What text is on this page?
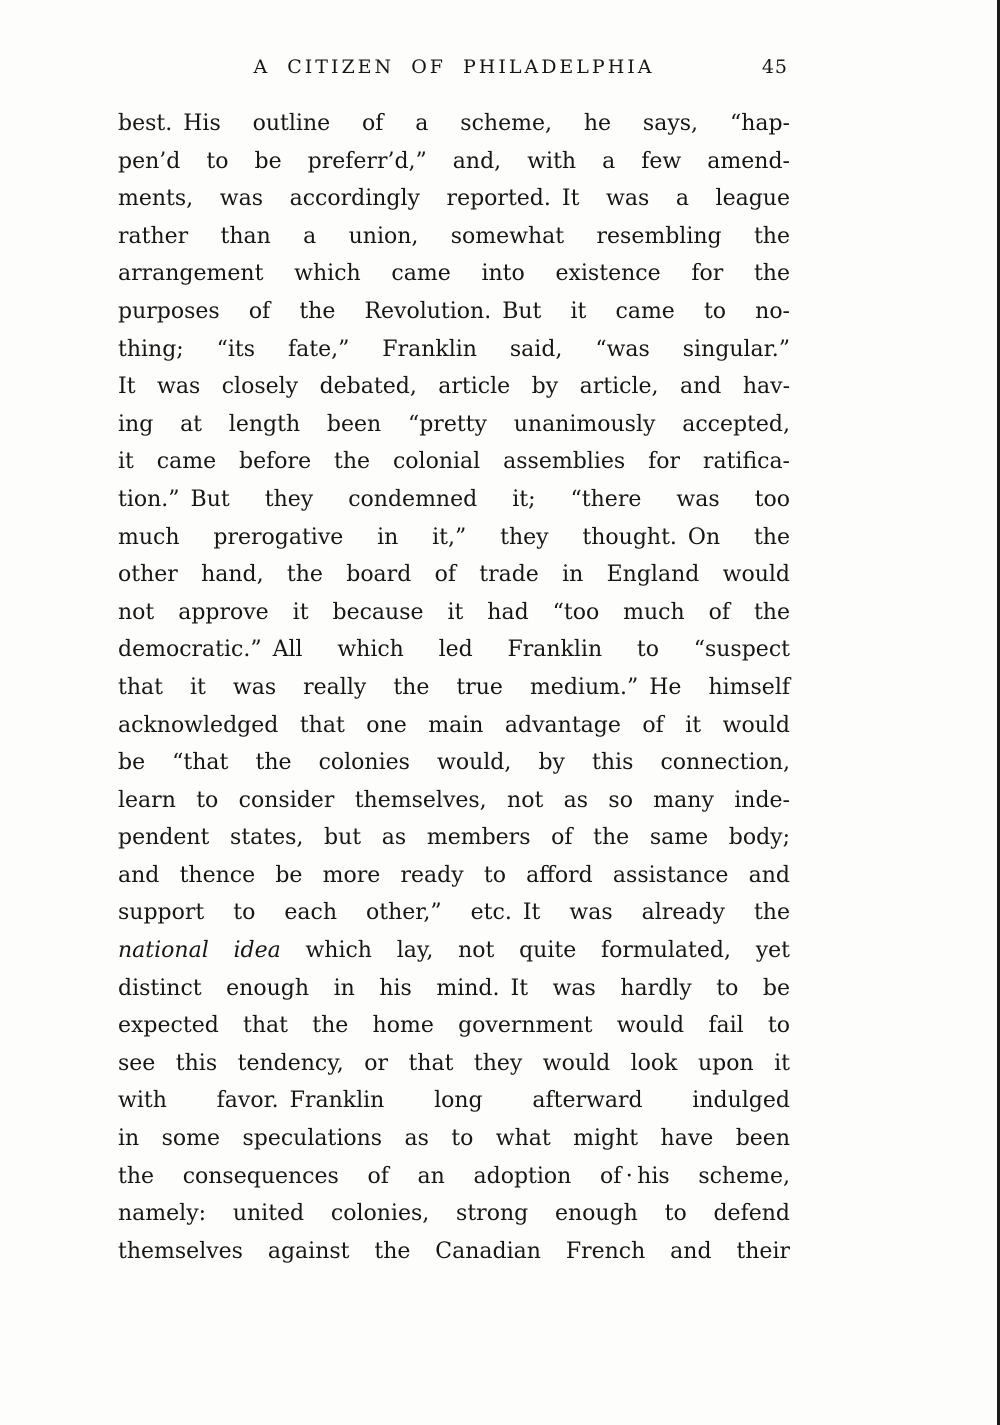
A CITIZEN OF PHILADELPHIA	45
best. His outline of a scheme, he says, “hap-
pen’d to be preferr’d,” and, with a few amend-
ments, was accordingly reported. It was a league
rather than a union, somewhat resembling the
arrangement which came into existence for the
purposes of the Revolution. But it came to no-
thing; “its fate,” Franklin said, “was singular.”
It was closely debated, article by article, and hav-
ing at length been “pretty unanimously accepted,
it came before the colonial assemblies for ratifica-
tion.” But they condemned it; “there was too
much prerogative in it,” they thought. On the
other hand, the board of trade in England would
not approve it because it had “too much of the
democratic.” All which led Franklin to “suspect
that it was really the true medium.” He himself
acknowledged that one main advantage of it would
be “that the colonies would, by this connection,
learn to consider themselves, not as so many inde-
pendent states, but as members of the same body;
and thence be more ready to afford assistance and
support to each other,” etc. It was already the
national idea which lay, not quite formulated, yet
distinct enough in his mind. It was hardly to be
expected that the home government would fail to
see this tendency, or that they would look upon it
with favor. Franklin long afterward indulged
in some speculations as to what might have been
the consequences of an adoption of · his scheme,
namely: united colonies, strong enough to defend
themselves against the Canadian French and their
